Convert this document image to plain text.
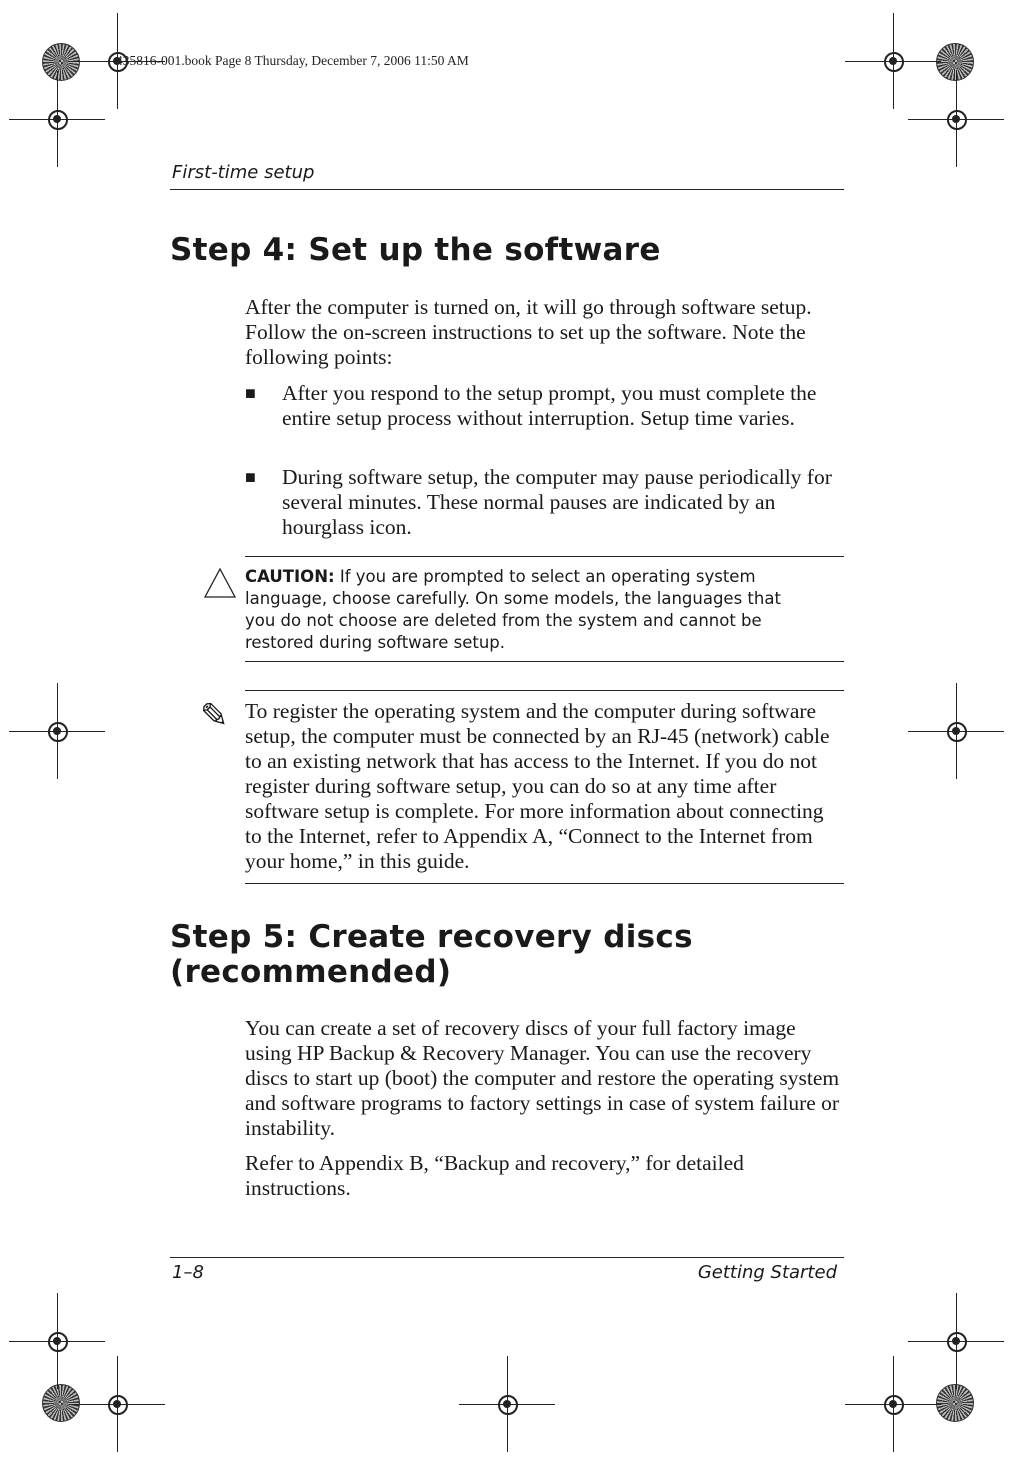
435816-001.book Page 8 Thursday, December 7, 2006 11:50 AM
First-time setup
Step 4: Set up the software

After the computer is turned on, it will go through software setup. Follow the on-screen instructions to set up the software. Note the following points:

■ After you respond to the setup prompt, you must complete the entire setup process without interruption. Setup time varies.
■ During software setup, the computer may pause periodically for several minutes. These normal pauses are indicated by an hourglass icon.
CAUTION: If you are prompted to select an operating system language, choose carefully. On some models, the languages that you do not choose are deleted from the system and cannot be restored during software setup.
✎ To register the operating system and the computer during software setup, the computer must be connected by an RJ-45 (network) cable to an existing network that has access to the Internet. If you do not register during software setup, you can do so at any time after software setup is complete. For more information about connecting to the Internet, refer to Appendix A, “Connect to the Internet from your home,” in this guide.
Step 5: Create recovery discs
(recommended)

You can create a set of recovery discs of your full factory image using HP Backup & Recovery Manager. You can use the recovery discs to start up (boot) the computer and restore the operating system and software programs to factory settings in case of system failure or instability.

Refer to Appendix B, “Backup and recovery,” for detailed instructions.

1–8	Getting Started
